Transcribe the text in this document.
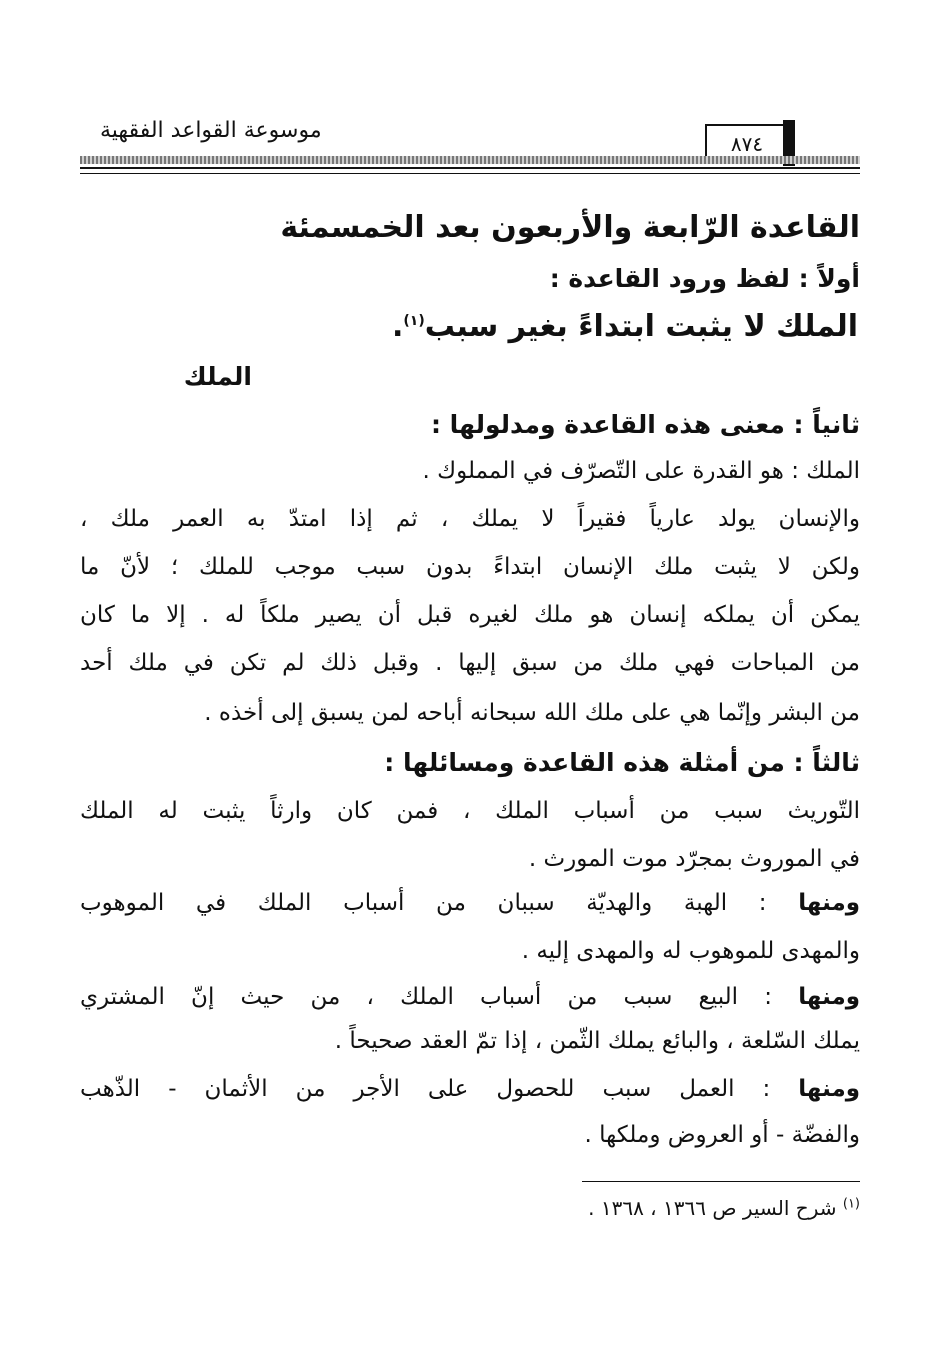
موسوعة القواعد الفقهية
٨٧٤
القاعدة الرّابعة والأربعون بعد الخمسمئة
أولاً : لفظ ورود القاعدة :
الملك لا يثبت ابتداءً بغير سبب$^{(١)}$.
الملك
ثانياً : معنى هذه القاعدة ومدلولها :
الملك : هو القدرة على التّصرّف في المملوك .
والإنسان يولد عارياً فقيراً لا يملك ، ثم إذا امتدّ به العمر ملك ،
ولكن لا يثبت ملك الإنسان ابتداءً بدون سبب موجب للملك ؛ لأنّ ما
يمكن أن يملكه إنسان هو ملك لغيره قبل أن يصير ملكاً له . إلا ما كان
من المباحات فهي ملك من سبق إليها . وقبل ذلك لم تكن في ملك أحد
من البشر وإنّما هي على ملك الله سبحانه أباحه لمن يسبق إلى أخذه .
ثالثاً : من أمثلة هذه القاعدة ومسائلها :
التّوريث سبب من أسباب الملك ، فمن كان وارثاً يثبت له الملك
في الموروث بمجرّد موت المورث .
ومنها : الهبة والهديّة سببان من أسباب الملك في الموهوب
والمهدى للموهوب له والمهدى إليه .
ومنها : البيع سبب من أسباب الملك ، من حيث إنّ المشتري
يملك السّلعة ، والبائع يملك الثّمن ، إذا تمّ العقد صحيحاً .
ومنها : العمل سبب للحصول على الأجر من الأثمان - الذّهب
والفضّة - أو العروض وملكها .
$^{(١)}$ شرح السير ص ١٣٦٦ ، ١٣٦٨ .
